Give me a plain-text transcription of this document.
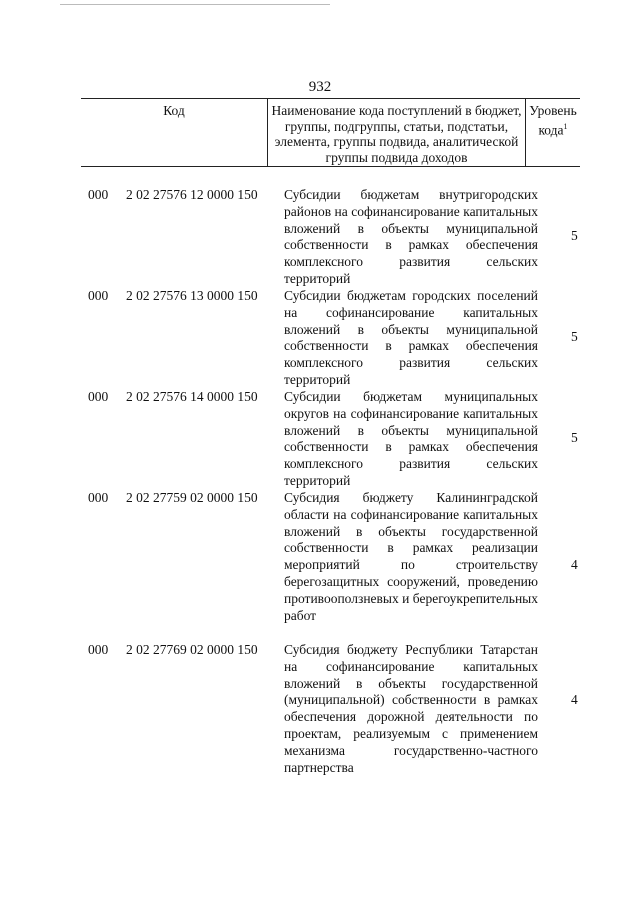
932
Код	Наименование кода поступлений в бюджет, группы, подгруппы, статьи, подстатьи, элемента, группы подвида, аналитической группы подвида доходов
Уровень кода$^1$
000 2 02 27576 12 0000 150 Субсидии бюджетам внутригородских районов на софинансирование капитальных вложений в объекты муниципальной собственности в рамках обеспечения комплексного развития сельских территорий
5
000 2 02 27576 13 0000 150 Субсидии бюджетам городских поселений на софинансирование капитальных вложений в объекты муниципальной собственности в рамках обеспечения комплексного развития сельских территорий
5
000 2 02 27576 14 0000 150 Субсидии бюджетам муниципальных округов на софинансирование капитальных вложений в объекты муниципальной собственности в рамках обеспечения комплексного развития сельских территорий
5
000 2 02 27759 02 0000 150 Субсидия бюджету Калининградской области на софинансирование капитальных вложений в объекты государственной собственности в рамках реализации мероприятий по строительству берегозащитных сооружений, проведению противооползневых и берегоукрепительных работ
4
000 2 02 27769 02 0000 150 Субсидия бюджету Республики Татарстан на софинансирование капитальных вложений в объекты государственной (муниципальной) собственности в рамках обеспечения дорожной деятельности по проектам, реализуемым с применением механизма государственно-частного партнерства
4
